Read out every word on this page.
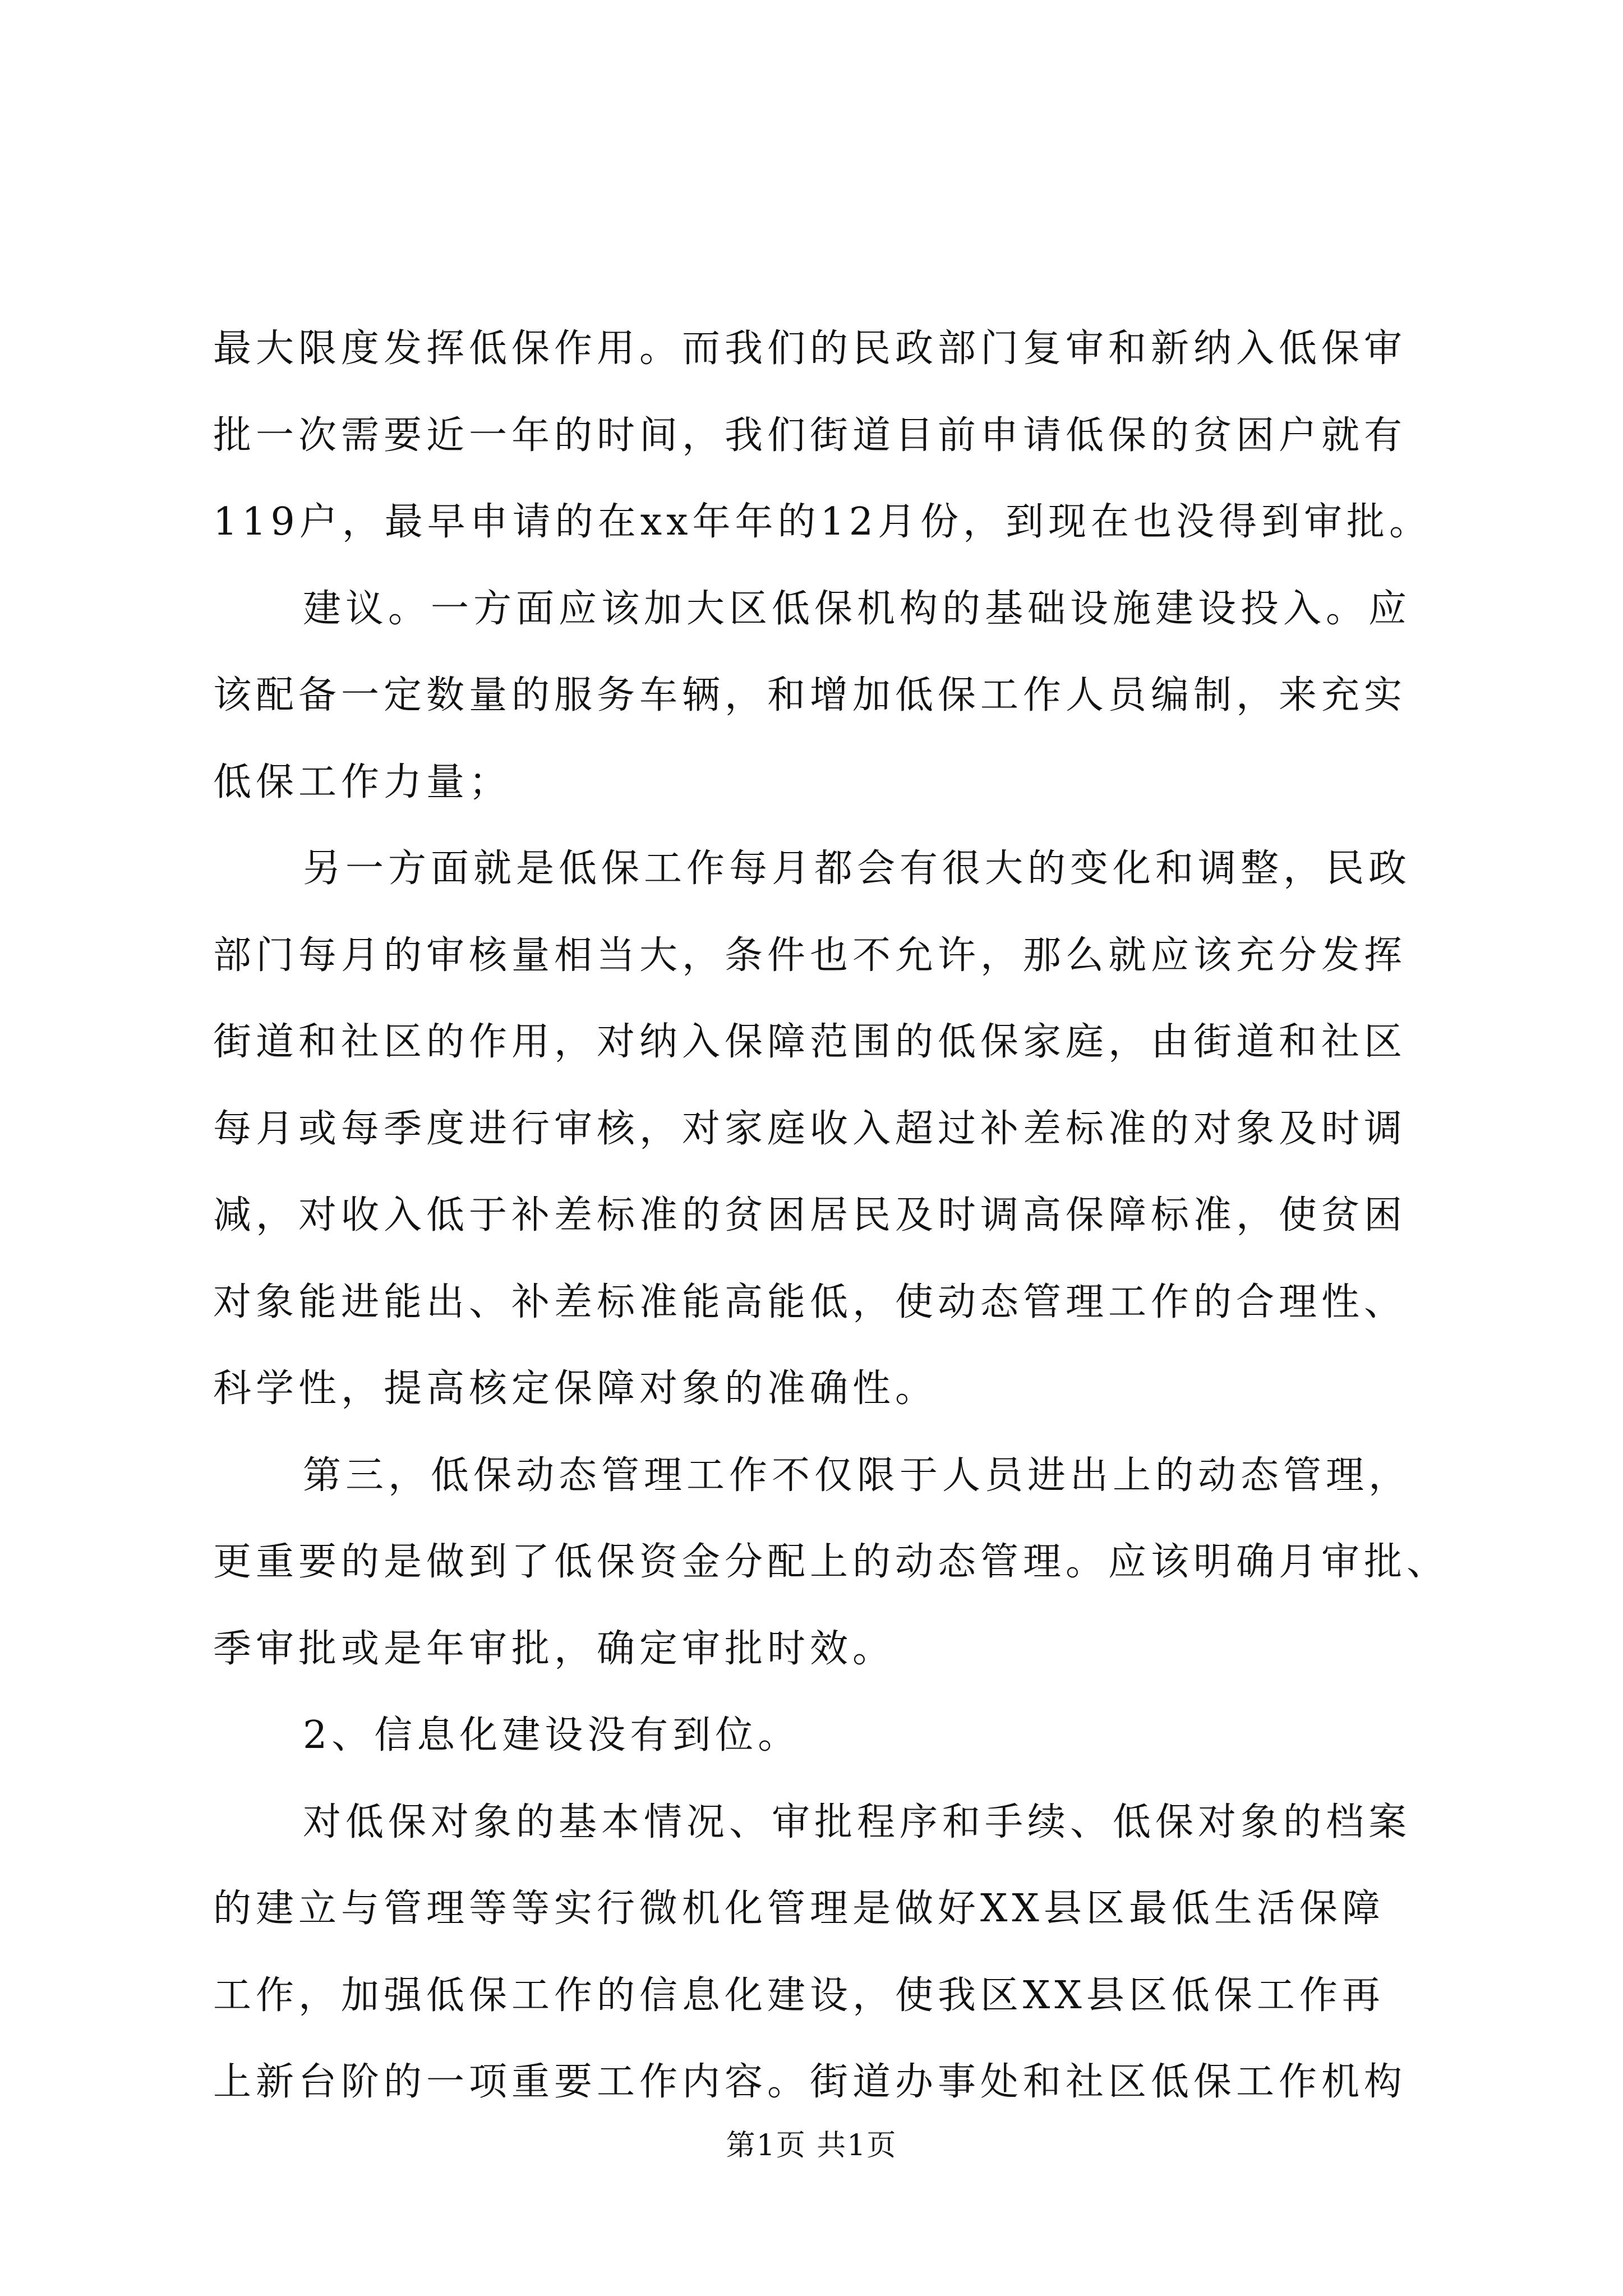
最大限度发挥低保作用。而我们的民政部门复审和新纳入低保审
批一次需要近一年的时间，我们街道目前申请低保的贫困户就有
119户，最早申请的在xx年年的12月份，到现在也没得到审批。
建议。一方面应该加大区低保机构的基础设施建设投入。应
该配备一定数量的服务车辆，和增加低保工作人员编制，来充实
低保工作力量；
另一方面就是低保工作每月都会有很大的变化和调整，民政
部门每月的审核量相当大，条件也不允许，那么就应该充分发挥
街道和社区的作用，对纳入保障范围的低保家庭，由街道和社区
每月或每季度进行审核，对家庭收入超过补差标准的对象及时调
减，对收入低于补差标准的贫困居民及时调高保障标准，使贫困
对象能进能出、补差标准能高能低，使动态管理工作的合理性、
科学性，提高核定保障对象的准确性。
第三，低保动态管理工作不仅限于人员进出上的动态管理，
更重要的是做到了低保资金分配上的动态管理。应该明确月审批、
季审批或是年审批，确定审批时效。
2、信息化建设没有到位。
对低保对象的基本情况、审批程序和手续、低保对象的档案
的建立与管理等等实行微机化管理是做好XX县区最低生活保障
工作，加强低保工作的信息化建设，使我区XX县区低保工作再
上新台阶的一项重要工作内容。街道办事处和社区低保工作机构
第1页 共1页
